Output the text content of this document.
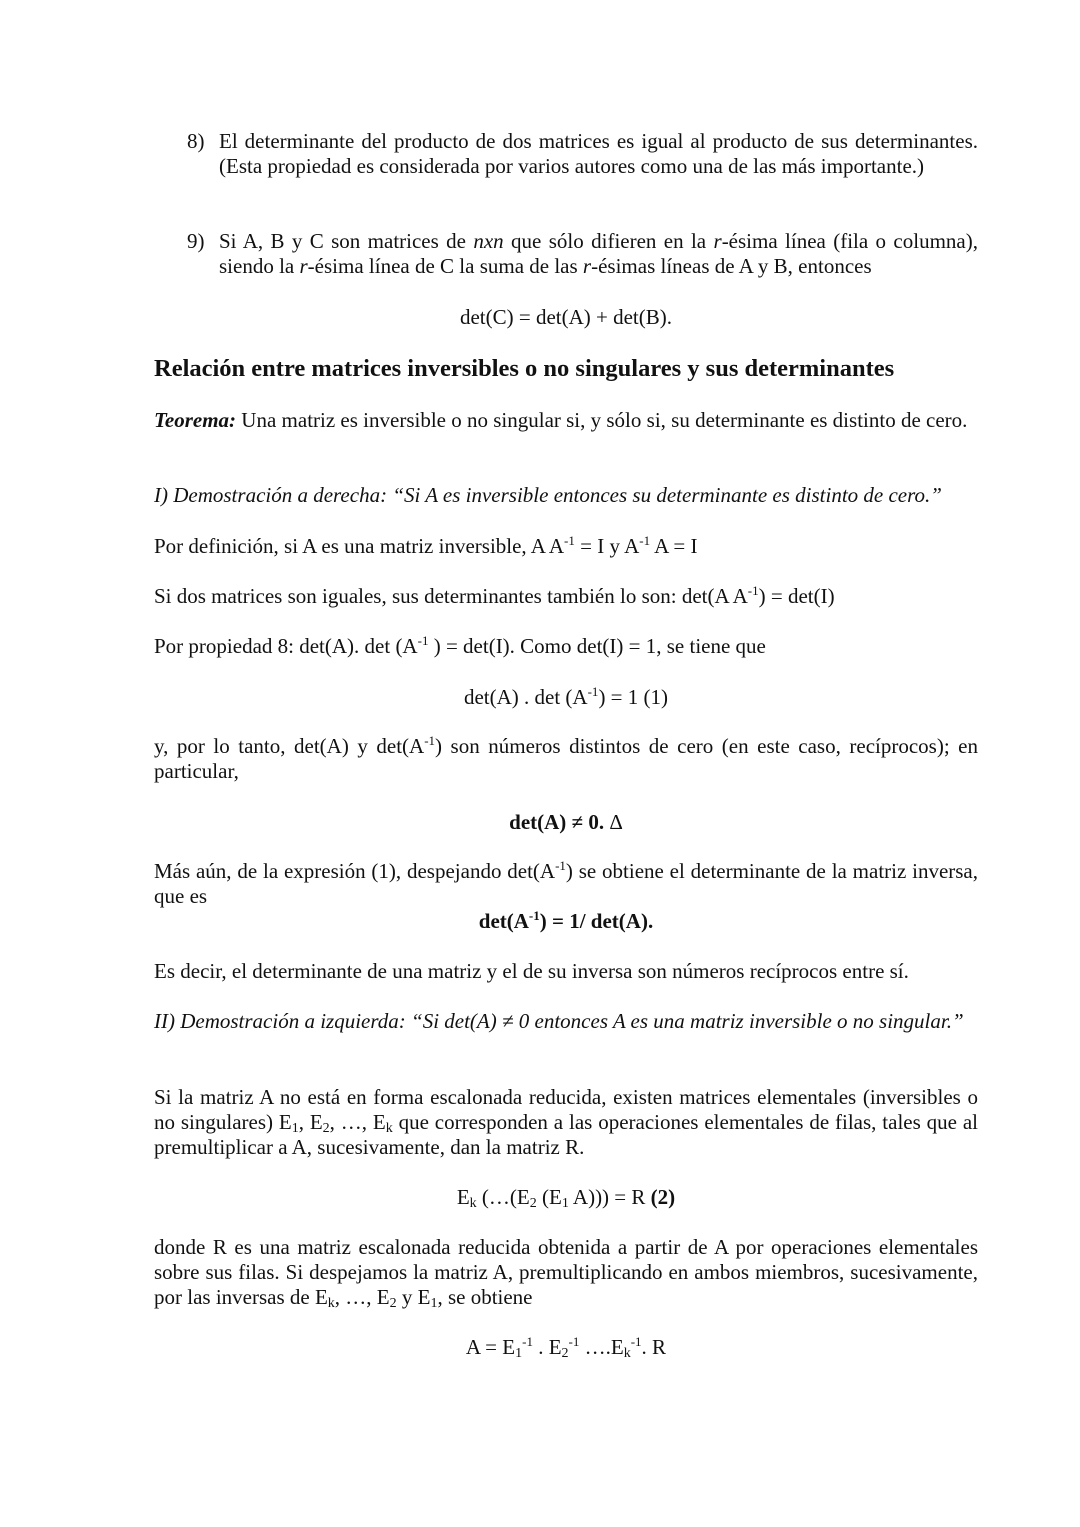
8) El determinante del producto de dos matrices es igual al producto de sus determinantes. (Esta propiedad es considerada por varios autores como una de las más importante.)
9) Si A, B y C son matrices de nxn que sólo difieren en la r-ésima línea (fila o columna), siendo la r-ésima línea de C la suma de las r-ésimas líneas de A y B, entonces
det(C) = det(A) + det(B).
Relación entre matrices inversibles o no singulares y sus determinantes
Teorema: Una matriz es inversible o no singular si, y sólo si, su determinante es distinto de cero.
I) Demostración a derecha: “Si A es inversible entonces su determinante es distinto de cero.”
Por definición, si A es una matriz inversible, A $A^{-1} = I$ y $A^{-1}$ A = I
Si dos matrices son iguales, sus determinantes también lo son: det(A $A^{-1}) = \det(I)$
Por propiedad 8: det(A). $\det (A^{-1}$ ) = det(I). Como det(I) = 1, se tiene que
det(A) . $\det (A^{-1}) = 1$ (1)
y, por lo tanto, det(A) y $\det(A^{-1})$ son números distintos de cero (en este caso, recíprocos); en particular,
det(A) ≠ 0. Δ
Más aún, de la expresión (1), despejando $\det(A^{-1})$ se obtiene el determinante de la matriz inversa, que es
$\det(A^{-1}) = 1/$ det(A).
Es decir, el determinante de una matriz y el de su inversa son números recíprocos entre sí.
II) Demostración a izquierda: “Si det(A) ≠ 0 entonces A es una matriz inversible o no singular.”
Si la matriz A no está en forma escalonada reducida, existen matrices elementales (inversibles o no singulares) $E_1$, $E_2$, …, $E_k$ que corresponden a las operaciones elementales de filas, tales que al premultiplicar a A, sucesivamente, dan la matriz R.
$E_k$ ($\dots(E_2$ ($E_1$ A))) = R (2)
donde R es una matriz escalonada reducida obtenida a partir de A por operaciones elementales sobre sus filas. Si despejamos la matriz A, premultiplicando en ambos miembros, sucesivamente, por las inversas de $E_k$, …, $E_2$ y $E_1$, se obtiene
$A = E_1^{-1}$ . $E_2^{-1}$ $\dots.E_k^{-1}$. R
